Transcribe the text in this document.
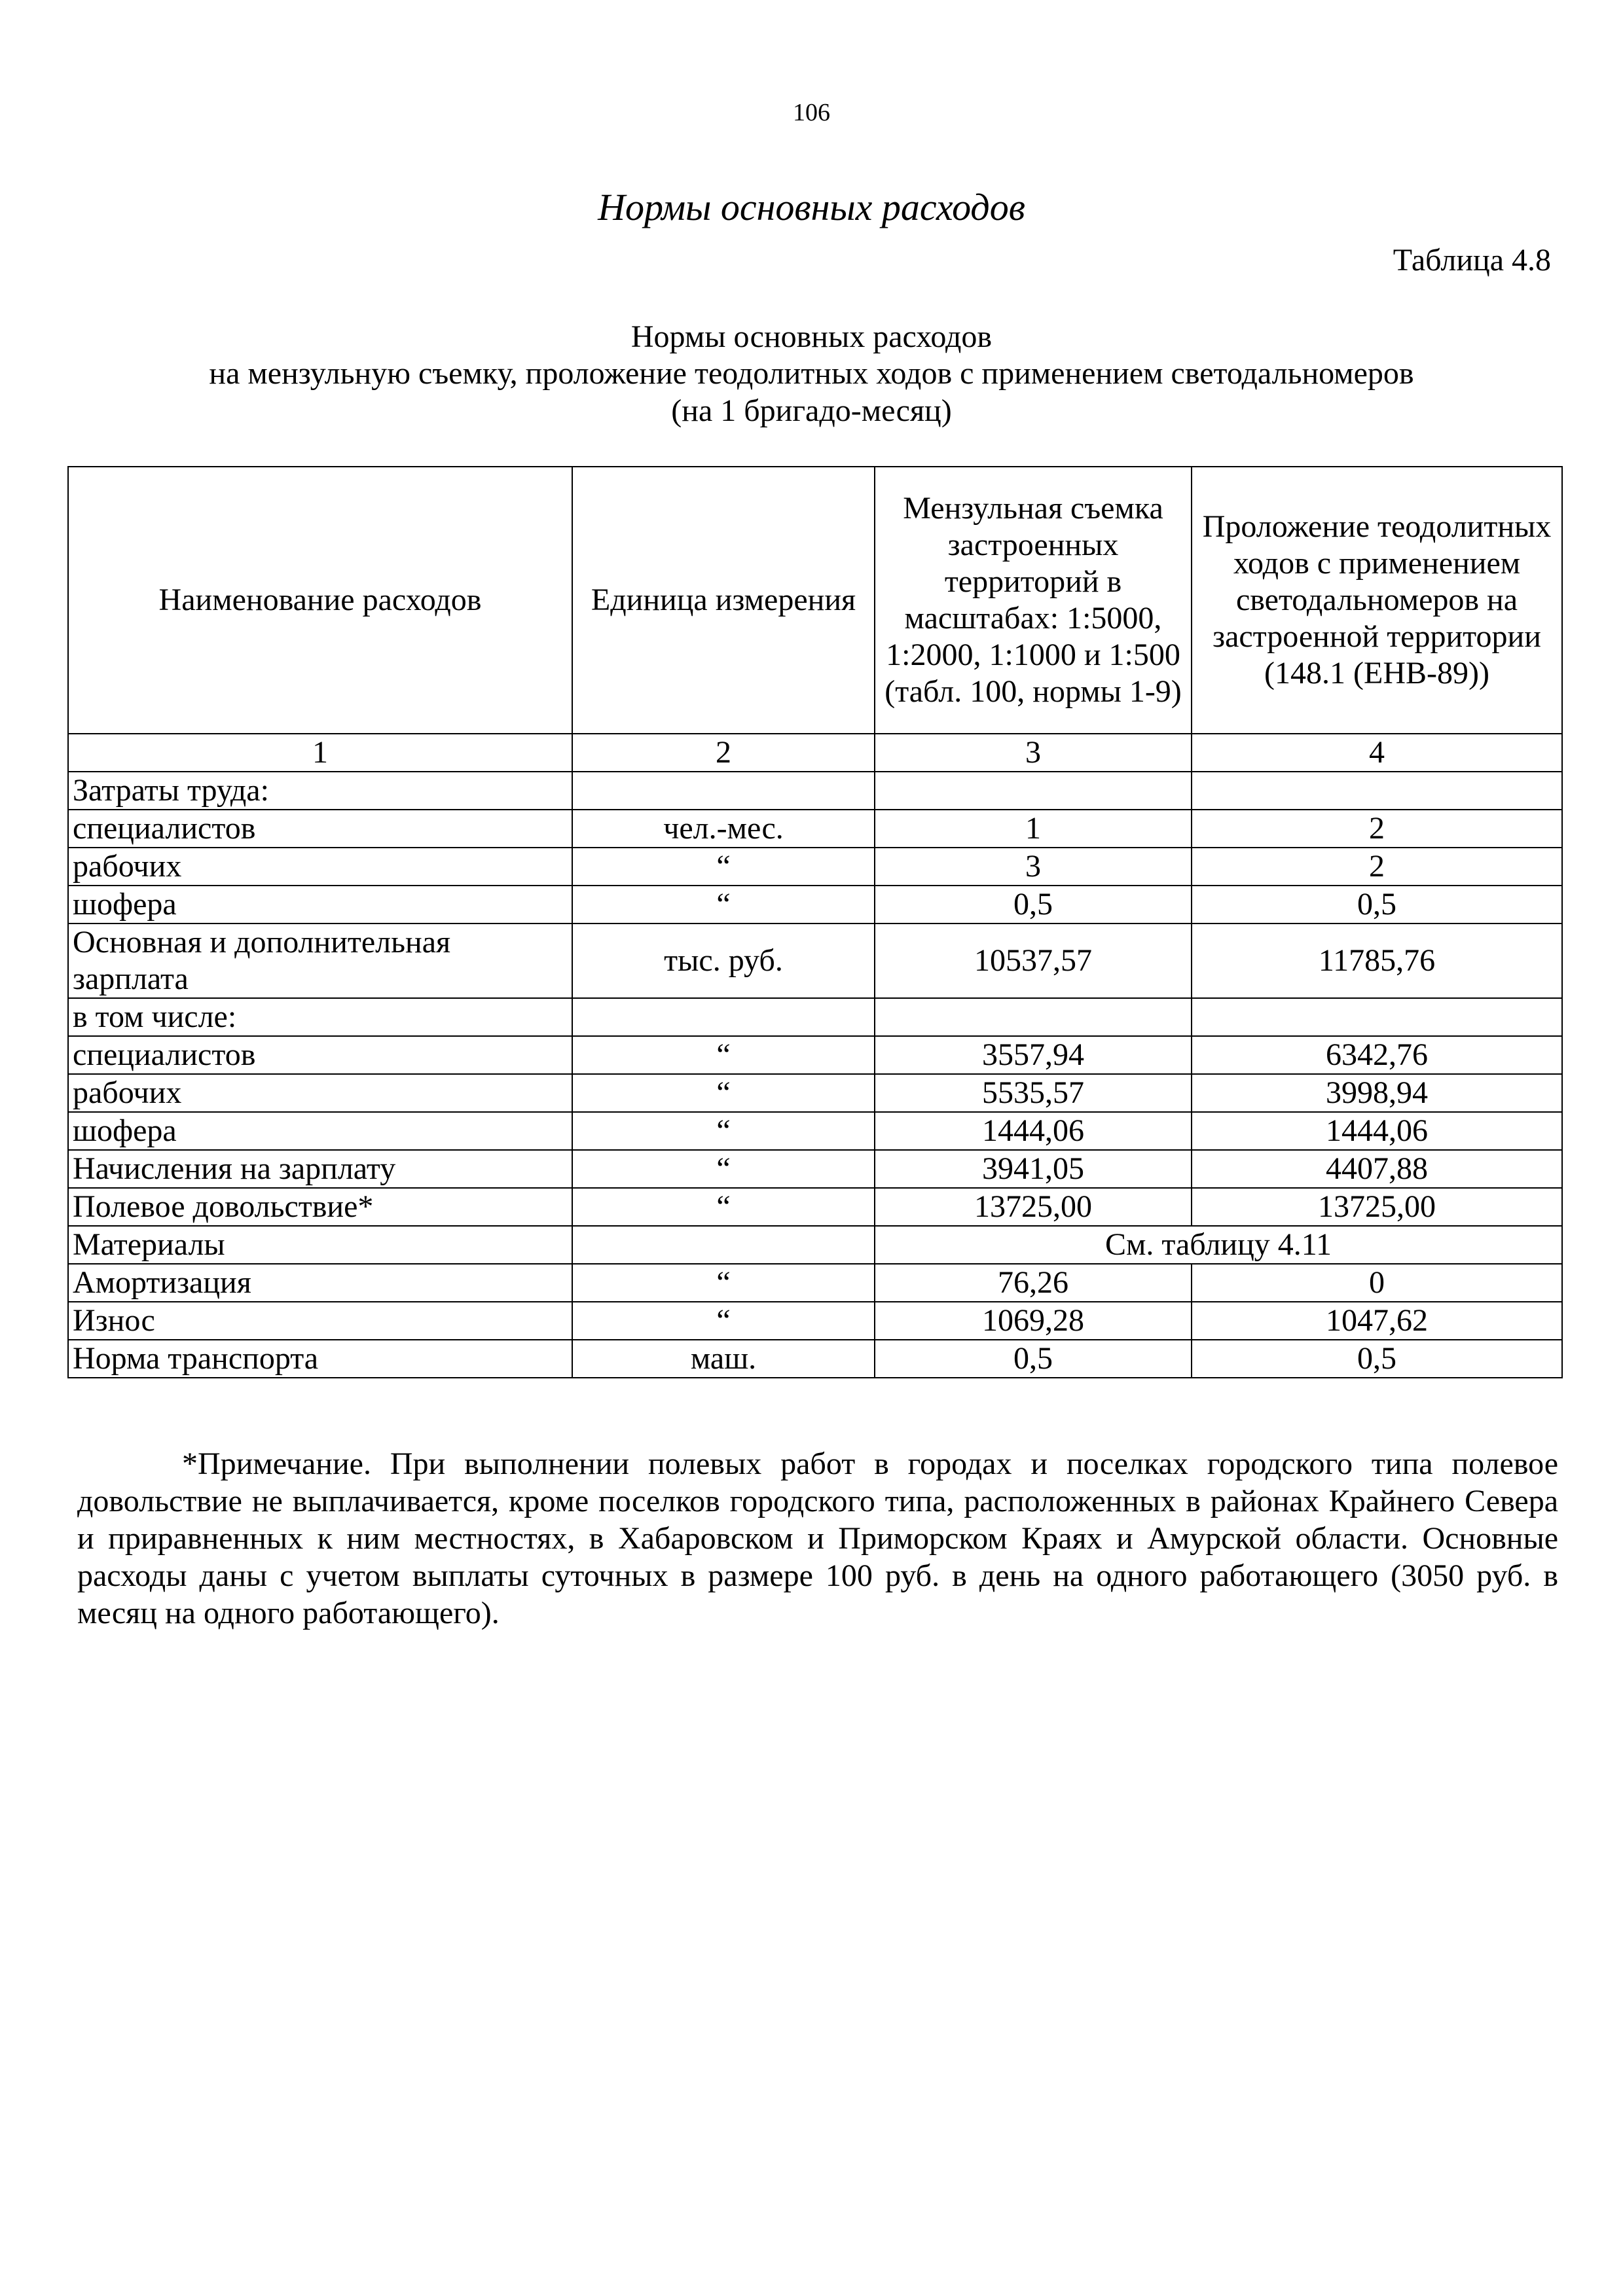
106
Нормы основных расходов
Таблица 4.8
Нормы основных расходов
на мензульную съемку, проложение теодолитных ходов с применением светодальномеров
(на 1 бригадо-месяц)
Наименование расходов	Единица измерения	Мензульная съемка застроенных территорий в масштабах: 1:5000, 1:2000, 1:1000 и 1:500 (табл. 100, нормы 1-9)	Проложение теодолитных ходов с применением светодальномеров на застроенной территории (148.1 (ЕНВ-89))
1	2	3	4
Затраты труда:			
специалистов	чел.-мес.	1	2
рабочих	“	3	2
шофера	“	0,5	0,5
Основная и дополнительная зарплата	тыс. руб.	10537,57	11785,76
в том числе:			
специалистов	“	3557,94	6342,76
рабочих	“	5535,57	3998,94
шофера	“	1444,06	1444,06
Начисления на зарплату	“	3941,05	4407,88
Полевое довольствие*	“	13725,00	13725,00
Материалы		См. таблицу 4.11	
Амортизация	“	76,26	0
Износ	“	1069,28	1047,62
Норма транспорта	маш.	0,5	0,5
*Примечание. При выполнении полевых работ в городах и поселках городского типа полевое довольствие не выплачивается, кроме поселков городского типа, расположенных в районах Крайнего Севера и приравненных к ним местностях, в Хабаровском и Приморском Краях и Амурской области. Основные расходы даны с учетом выплаты суточных в размере 100 руб. в день на одного работающего (3050 руб. в месяц на одного работающего).
